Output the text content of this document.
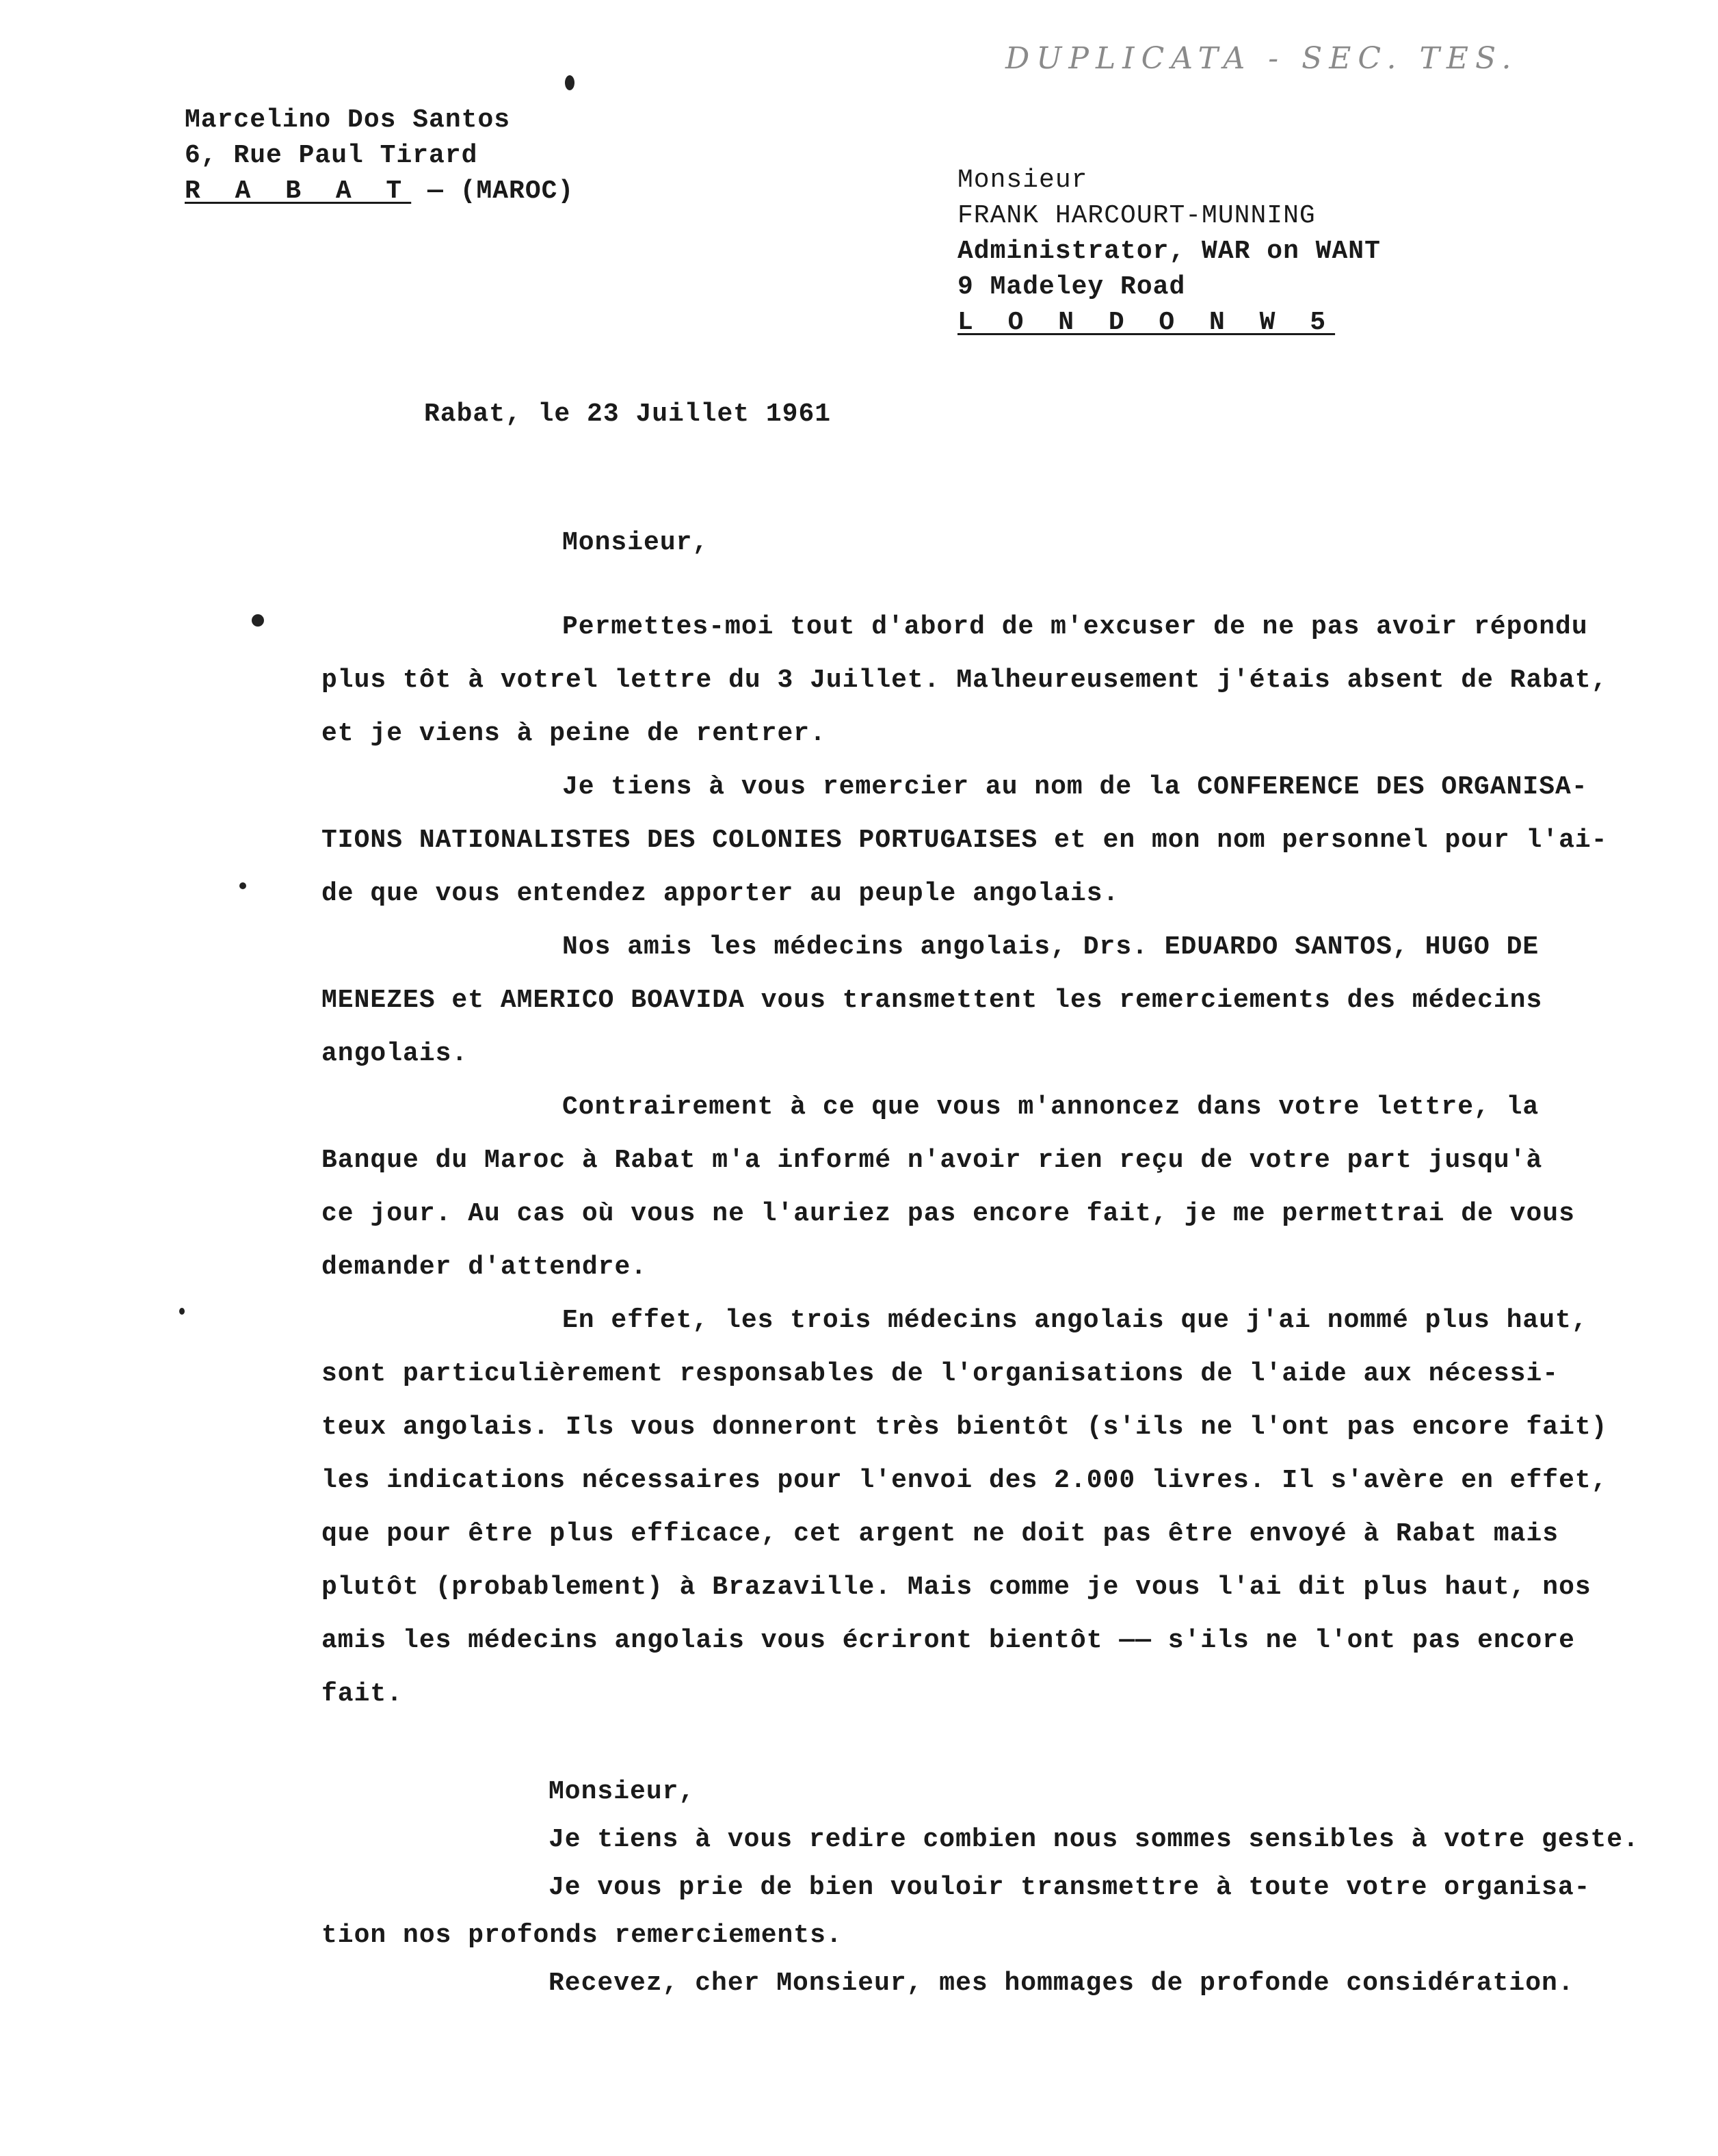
DUPLICATA - SEC. TES.
Marcelino Dos Santos
6, Rue Paul Tirard
R A B A T — (MAROC)	Monsieur
FRANK HARCOURT-MUNNING
Administrator, WAR on WANT
9 Madeley Road
L O N D O N W 5
Rabat, le 23 Juillet 1961
Monsieur,
Permettes-moi tout d'abord de m'excuser de ne pas avoir répondu
plus tôt à votrel lettre du 3 Juillet. Malheureusement j'étais absent de Rabat,
et je viens à peine de rentrer.
Je tiens à vous remercier au nom de la CONFERENCE DES ORGANISA-
TIONS NATIONALISTES DES COLONIES PORTUGAISES et en mon nom personnel pour l'ai-
de que vous entendez apporter au peuple angolais.
Nos amis les médecins angolais, Drs. EDUARDO SANTOS, HUGO DE
MENEZES et AMERICO BOAVIDA vous transmettent les remerciements des médecins
angolais.
Contrairement à ce que vous m'annoncez dans votre lettre, la
Banque du Maroc à Rabat m'a informé n'avoir rien reçu de votre part jusqu'à
ce jour. Au cas où vous ne l'auriez pas encore fait, je me permettrai de vous
demander d'attendre.
En effet, les trois médecins angolais que j'ai nommé plus haut,
sont particulièrement responsables de l'organisations de l'aide aux nécessi-
teux angolais. Ils vous donneront très bientôt (s'ils ne l'ont pas encore fait)
les indications nécessaires pour l'envoi des 2.000 livres. Il s'avère en effet,
que pour être plus efficace, cet argent ne doit pas être envoyé à Rabat mais
plutôt (probablement) à Brazaville. Mais comme je vous l'ai dit plus haut, nos
amis les médecins angolais vous écriront bientôt —— s'ils ne l'ont pas encore
fait.
Monsieur,
Je tiens à vous redire combien nous sommes sensibles à votre geste.
Je vous prie de bien vouloir transmettre à toute votre organisa-
tion nos profonds remerciements.
Recevez, cher Monsieur, mes hommages de profonde considération.
